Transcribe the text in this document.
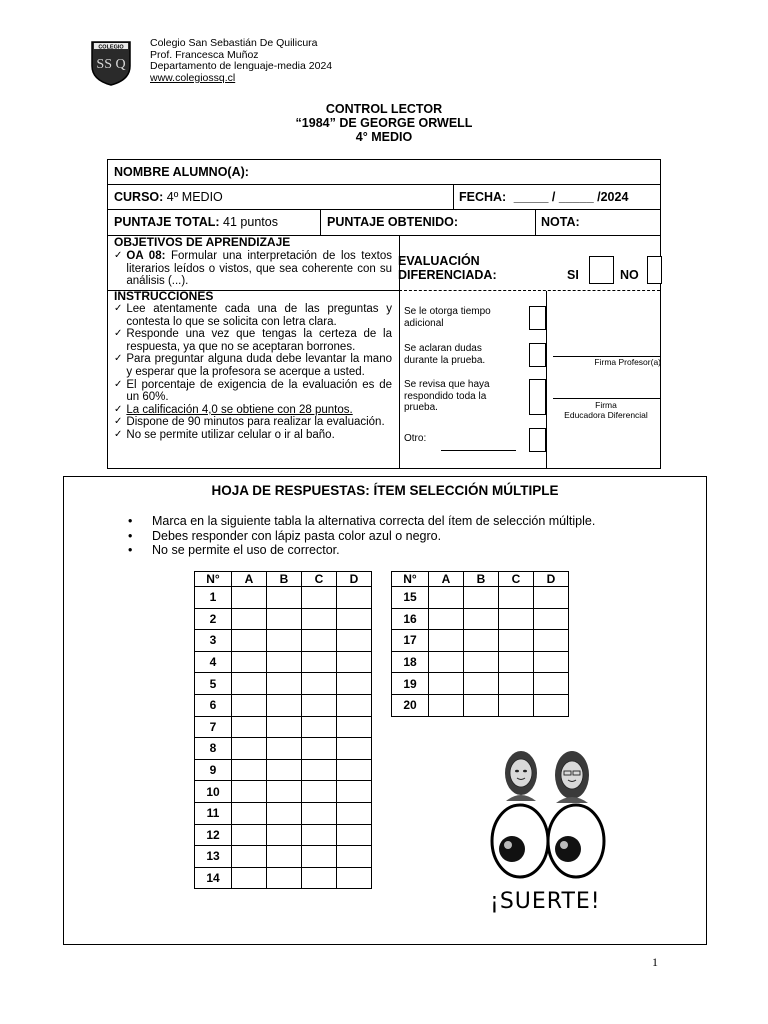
COLEGIO
SS Q
Colegio San Sebastián De Quilicura
Prof. Francesca Muñoz
Departamento de lenguaje-media 2024
www.colegiossq.cl
CONTROL LECTOR
“1984” DE GEORGE ORWELL
4° MEDIO
NOMBRE ALUMNO(A):
CURSO: 4º MEDIO	FECHA: _____ / _____ /2024
PUNTAJE TOTAL: 41 puntos	PUNTAJE OBTENIDO:	NOTA:
OBJETIVOS DE APRENDIZAJE
✓ OA 08: Formular una interpretación de los textos literarios leídos o vistos, que sea coherente con su análisis (...).
EVALUACIÓN
DIFERENCIADA:	SI	NO
INSTRUCCIONES
✓ Lee atentamente cada una de las preguntas y contesta lo que se solicita con letra clara.
✓ Responde una vez que tengas la certeza de la respuesta, ya que no se aceptaran borrones.
✓ Para preguntar alguna duda debe levantar la mano y esperar que la profesora se acerque a usted.
✓ El porcentaje de exigencia de la evaluación es de un 60%.
✓ La calificación 4,0 se obtiene con 28 puntos.
✓ Dispone de 90 minutos para realizar la evaluación.
✓ No se permite utilizar celular o ir al baño.
Se le otorga tiempo adicional
Se aclaran dudas durante la prueba.
Se revisa que haya respondido toda la prueba.
Otro:
Firma Profesor(a)
Firma
Educadora Diferencial
HOJA DE RESPUESTAS: ÍTEM SELECCIÓN MÚLTIPLE
• Marca en la siguiente tabla la alternativa correcta del ítem de selección múltiple.
• Debes responder con lápiz pasta color azul o negro.
• No se permite el uso de corrector.
N°	A	B	C	D
1				
2				
3				
4				
5				
6				
7				
8				
9				
10				
11				
12				
13				
14				
N°	A	B	C	D
15				
16				
17				
18				
19				
20				
¡SUERTE!
1
